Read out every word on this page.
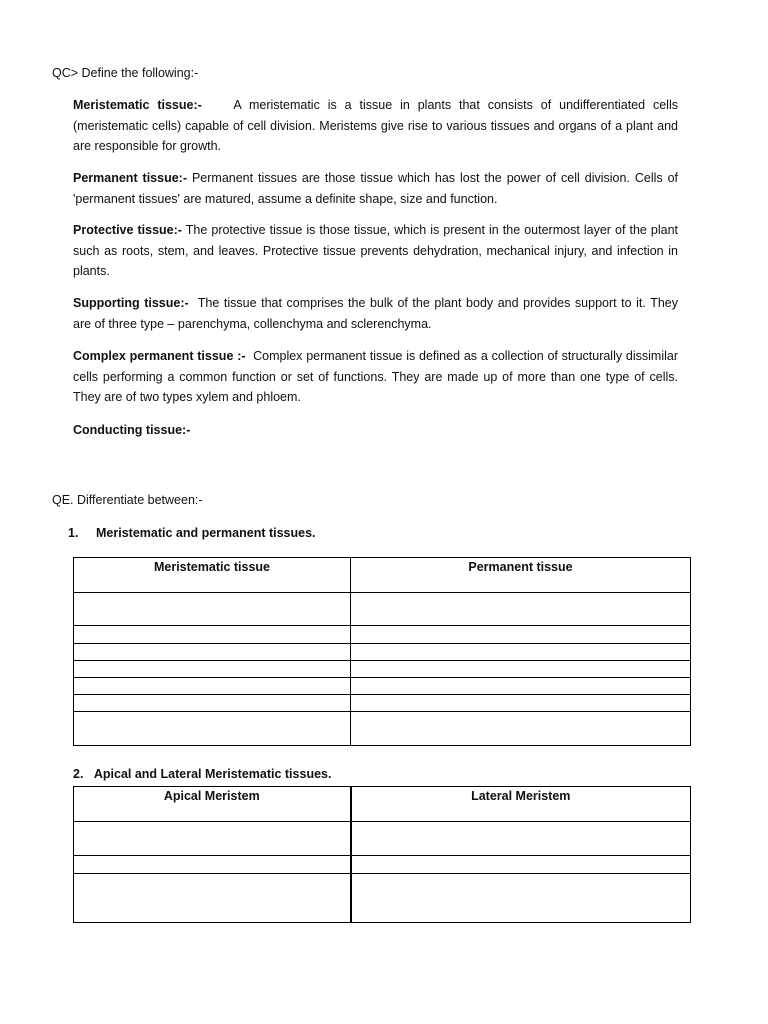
QC> Define the following:-
Meristematic tissue:-	A meristematic is a tissue in plants that consists of undifferentiated cells (meristematic cells) capable of cell division. Meristems give rise to various tissues and organs of a plant and are responsible for growth.
Permanent tissue:- Permanent tissues are those tissue which has lost the power of cell division. Cells of 'permanent tissues' are matured, assume a definite shape, size and function.
Protective tissue:- The protective tissue is those tissue, which is present in the outermost layer of the plant such as roots, stem, and leaves. Protective tissue prevents dehydration, mechanical injury, and infection in plants.
Supporting tissue:- The tissue that comprises the bulk of the plant body and provides support to it. They are of three type – parenchyma, collenchyma and sclerenchyma.
Complex permanent tissue :- Complex permanent tissue is defined as a collection of structurally dissimilar cells performing a common function or set of functions. They are made up of more than one type of cells. They are of two types xylem and phloem.
Conducting tissue:-
QE. Differentiate between:-
1. Meristematic and permanent tissues.
Meristematic tissue	Permanent tissue

2. Apical and Lateral Meristematic tissues.
Apical Meristem	Lateral Meristem
